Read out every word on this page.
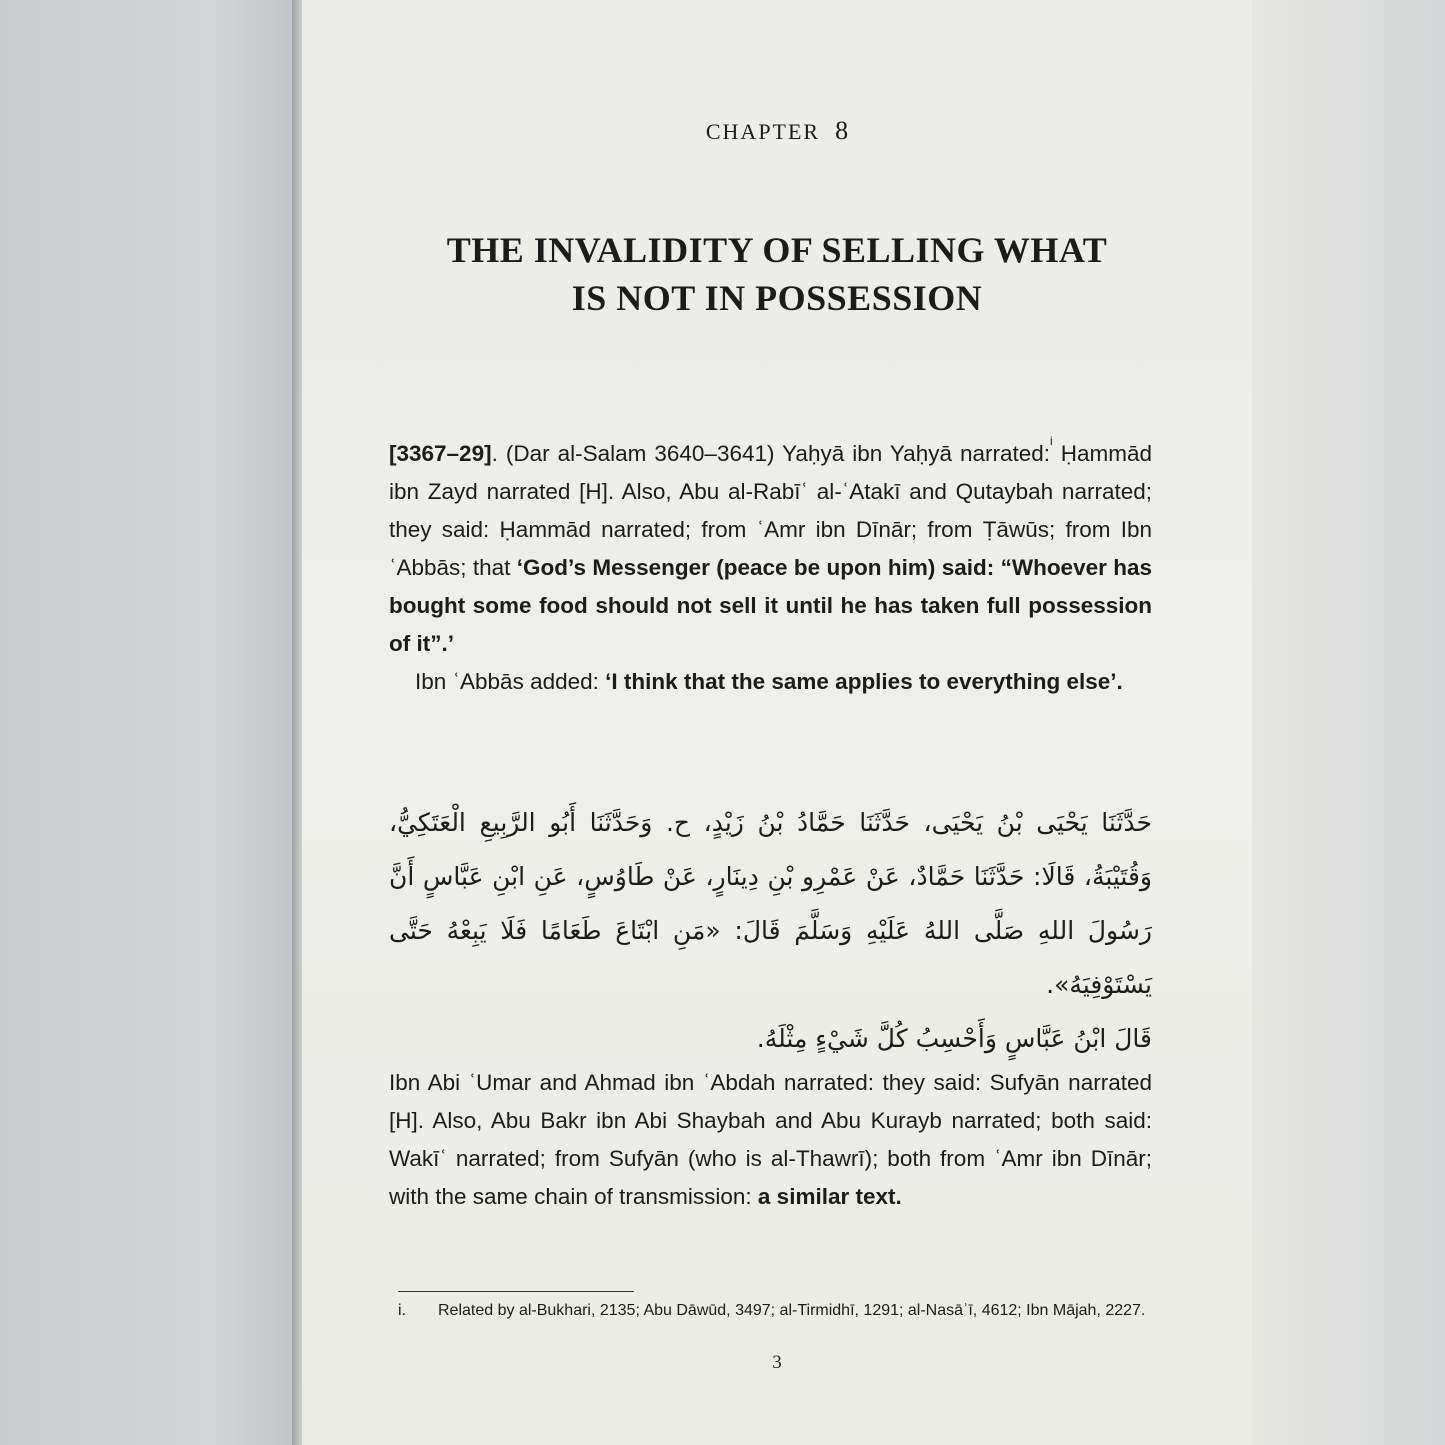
CHAPTER 8
THE INVALIDITY OF SELLING WHAT
IS NOT IN POSSESSION

[3367–29]. (Dar al-Salam 3640–3641) Yaḥyā ibn Yaḥyā narrated:$^i$ Ḥammād ibn Zayd narrated [H]. Also, Abu al-Rabīʿ al-ʿAtakī and Qutaybah narrated; they said: Ḥammād narrated; from ʿAmr ibn Dīnār; from Ṭāwūs; from Ibn ʿAbbās; that ‘God’s Messenger (peace be upon him) said: “Whoever has bought some food should not sell it until he has taken full possession of it”.’

Ibn ʿAbbās added: ‘I think that the same applies to everything else’.

حَدَّثَنَا يَحْيَى بْنُ يَحْيَى، حَدَّثَنَا حَمَّادُ بْنُ زَيْدٍ، ح. وَحَدَّثَنَا أَبُو الرَّبِيعِ الْعَتَكِيُّ، وَقُتَيْبَةُ، قَالَا: حَدَّثَنَا حَمَّادٌ، عَنْ عَمْرِو بْنِ دِينَارٍ، عَنْ طَاوُسٍ، عَنِ ابْنِ عَبَّاسٍ أَنَّ رَسُولَ اللهِ صَلَّى اللهُ عَلَيْهِ وَسَلَّمَ قَالَ: «مَنِ ابْتَاعَ طَعَامًا فَلَا يَبِعْهُ حَتَّى يَسْتَوْفِيَهُ».

قَالَ ابْنُ عَبَّاسٍ وَأَحْسِبُ كُلَّ شَيْءٍ مِثْلَهُ.

Ibn Abi ʿUmar and Ahmad ibn ʿAbdah narrated: they said: Sufyān narrated [H]. Also, Abu Bakr ibn Abi Shaybah and Abu Kurayb narrated; both said: Wakīʿ narrated; from Sufyān (who is al-Thawrī); both from ʿAmr ibn Dīnār; with the same chain of transmission: a similar text.

i.	Related by al-Bukhari, 2135; Abu Dāwūd, 3497; al-Tirmidhī, 1291; al-Nasāʾī, 4612; Ibn Mājah, 2227.
3
